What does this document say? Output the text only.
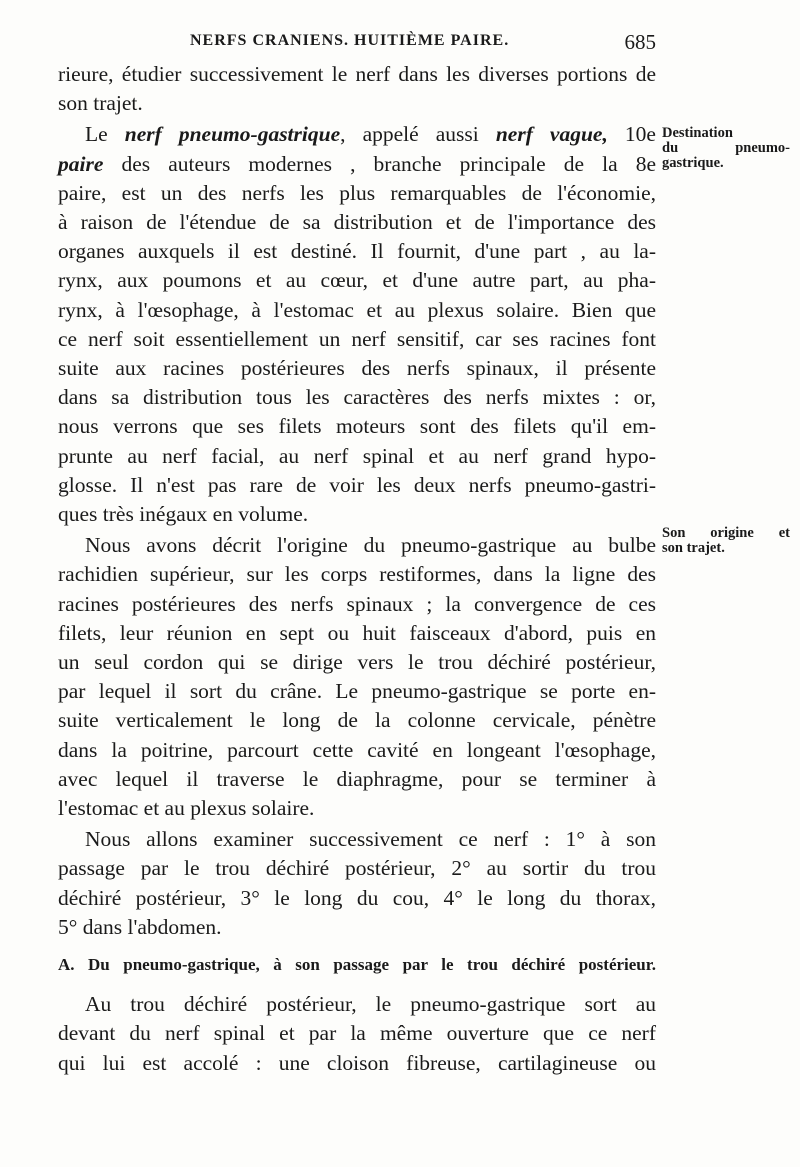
NERFS CRANIENS. HUITIÈME PAIRE.	685

rieure, étudier successivement le nerf dans les diverses portions de
son trajet.

Le nerf pneumo-gastrique, appelé aussi nerf vague, 10e
paire des auteurs modernes , branche principale de la 8e
paire, est un des nerfs les plus remarquables de l'économie,
à raison de l'étendue de sa distribution et de l'importance des
organes auxquels il est destiné. Il fournit, d'une part , au la-
rynx, aux poumons et au cœur, et d'une autre part, au pha-
rynx, à l'œsophage, à l'estomac et au plexus solaire. Bien que
ce nerf soit essentiellement un nerf sensitif, car ses racines font
suite aux racines postérieures des nerfs spinaux, il présente
dans sa distribution tous les caractères des nerfs mixtes : or,
nous verrons que ses filets moteurs sont des filets qu'il em-
prunte au nerf facial, au nerf spinal et au nerf grand hypo-
glosse. Il n'est pas rare de voir les deux nerfs pneumo-gastri-
ques très inégaux en volume.

Nous avons décrit l'origine du pneumo-gastrique au bulbe
rachidien supérieur, sur les corps restiformes, dans la ligne des
racines postérieures des nerfs spinaux ; la convergence de ces
filets, leur réunion en sept ou huit faisceaux d'abord, puis en
un seul cordon qui se dirige vers le trou déchiré postérieur,
par lequel il sort du crâne. Le pneumo-gastrique se porte en-
suite verticalement le long de la colonne cervicale, pénètre
dans la poitrine, parcourt cette cavité en longeant l'œsophage,
avec lequel il traverse le diaphragme, pour se terminer à
l'estomac et au plexus solaire.

Nous allons examiner successivement ce nerf : 1° à son
passage par le trou déchiré postérieur, 2° au sortir du trou
déchiré postérieur, 3° le long du cou, 4° le long du thorax,
5° dans l'abdomen.

A. Du pneumo-gastrique, à son passage par le trou déchiré postérieur.

Au trou déchiré postérieur, le pneumo-gastrique sort au
devant du nerf spinal et par la même ouverture que ce nerf
qui lui est accolé : une cloison fibreuse, cartilagineuse ou

Destination
du pneumo-
gastrique.
Son origine et
son trajet.
